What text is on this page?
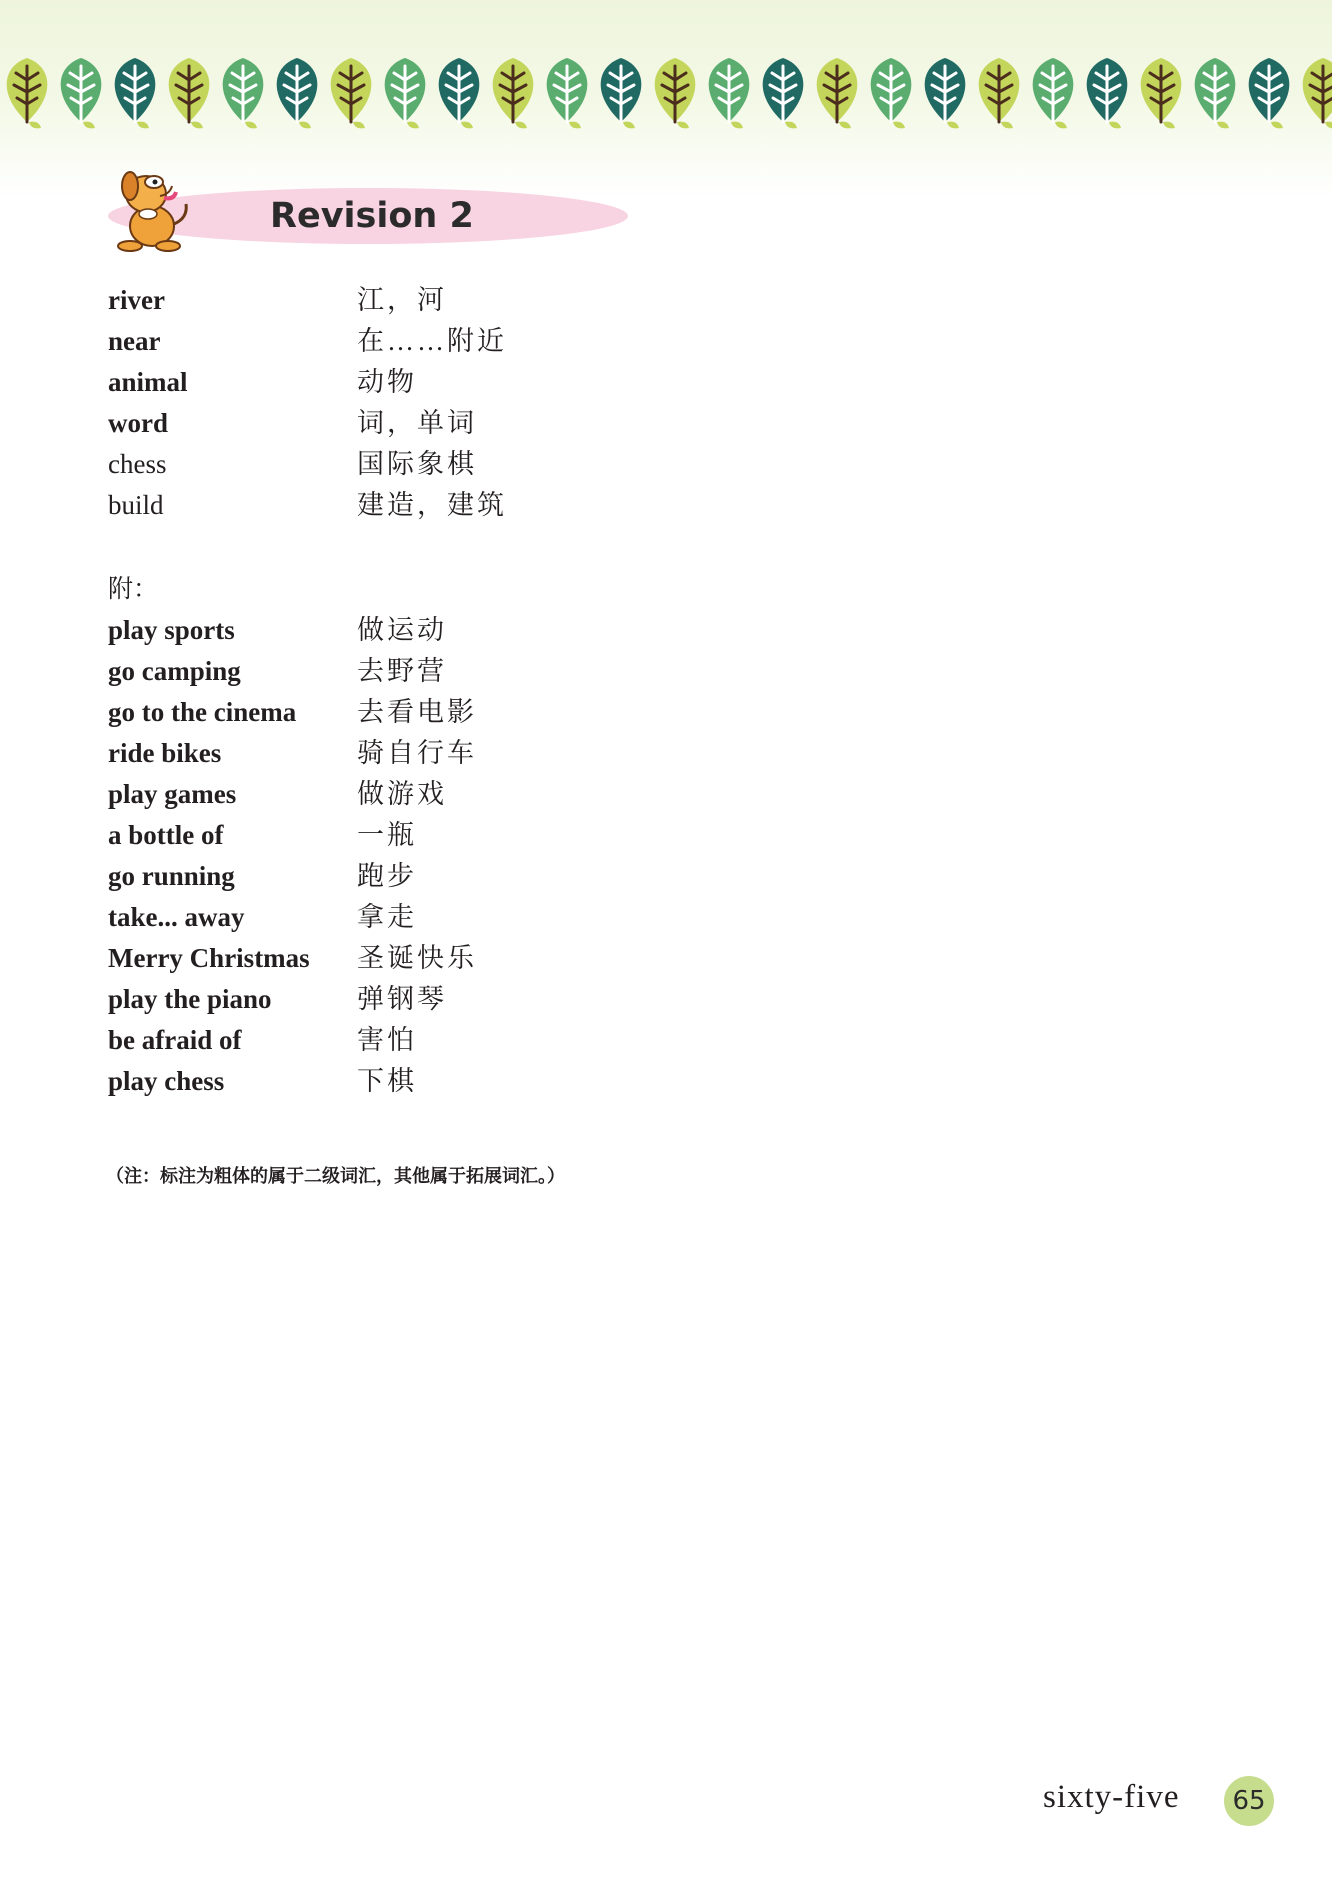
Revision 2
river	江，河
near	在……附近
animal	动物
word	词，单词
chess	国际象棋
build	建造，建筑
附：
play sports	做运动
go camping	去野营
go to the cinema 去看电影
ride bikes	骑自行车
play games	做游戏
a bottle of	一瓶
go running	跑步
take... away	拿走
Merry Christmas 圣诞快乐
play the piano	弹钢琴
be afraid of	害怕
play chess	下棋
（注：标注为粗体的属于二级词汇，其他属于拓展词汇。）
sixty-five	65
